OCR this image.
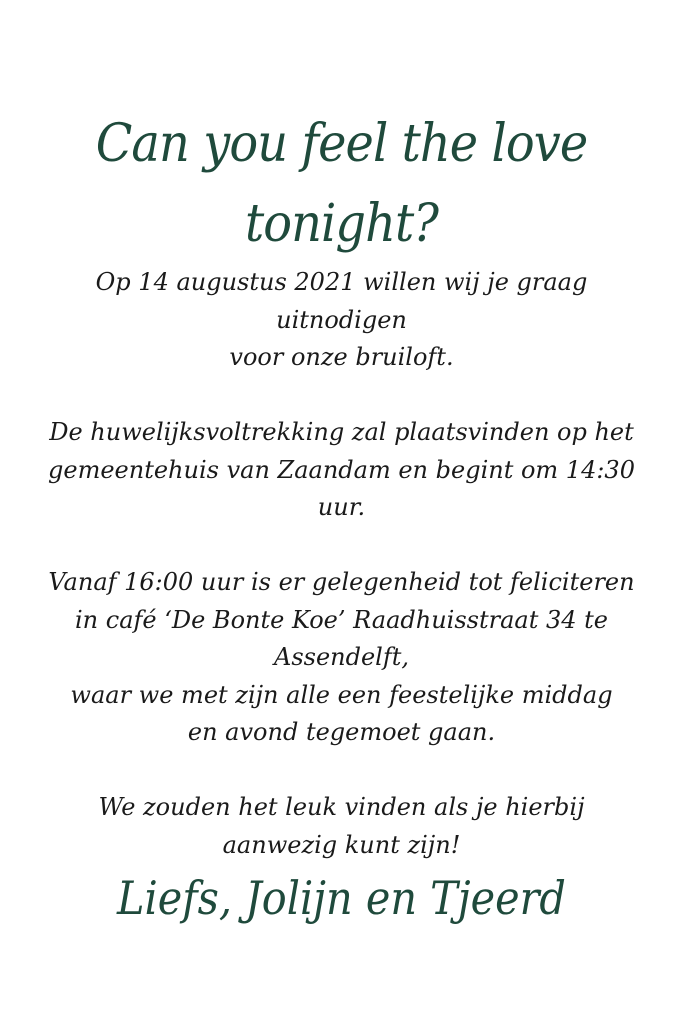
Can you feel the love tonight?

Op 14 augustus 2021 willen wij je graag uitnodigen
voor onze bruiloft.

De huwelijksvoltrekking zal plaatsvinden op het
gemeentehuis van Zaandam en begint om 14:30
uur.

Vanaf 16:00 uur is er gelegenheid tot feliciteren
in café ‘De Bonte Koe’ Raadhuisstraat 34 te
Assendelft,
waar we met zijn alle een feestelijke middag
en avond tegemoet gaan.

We zouden het leuk vinden als je hierbij
aanwezig kunt zijn!

Liefs, Jolijn en Tjeerd
